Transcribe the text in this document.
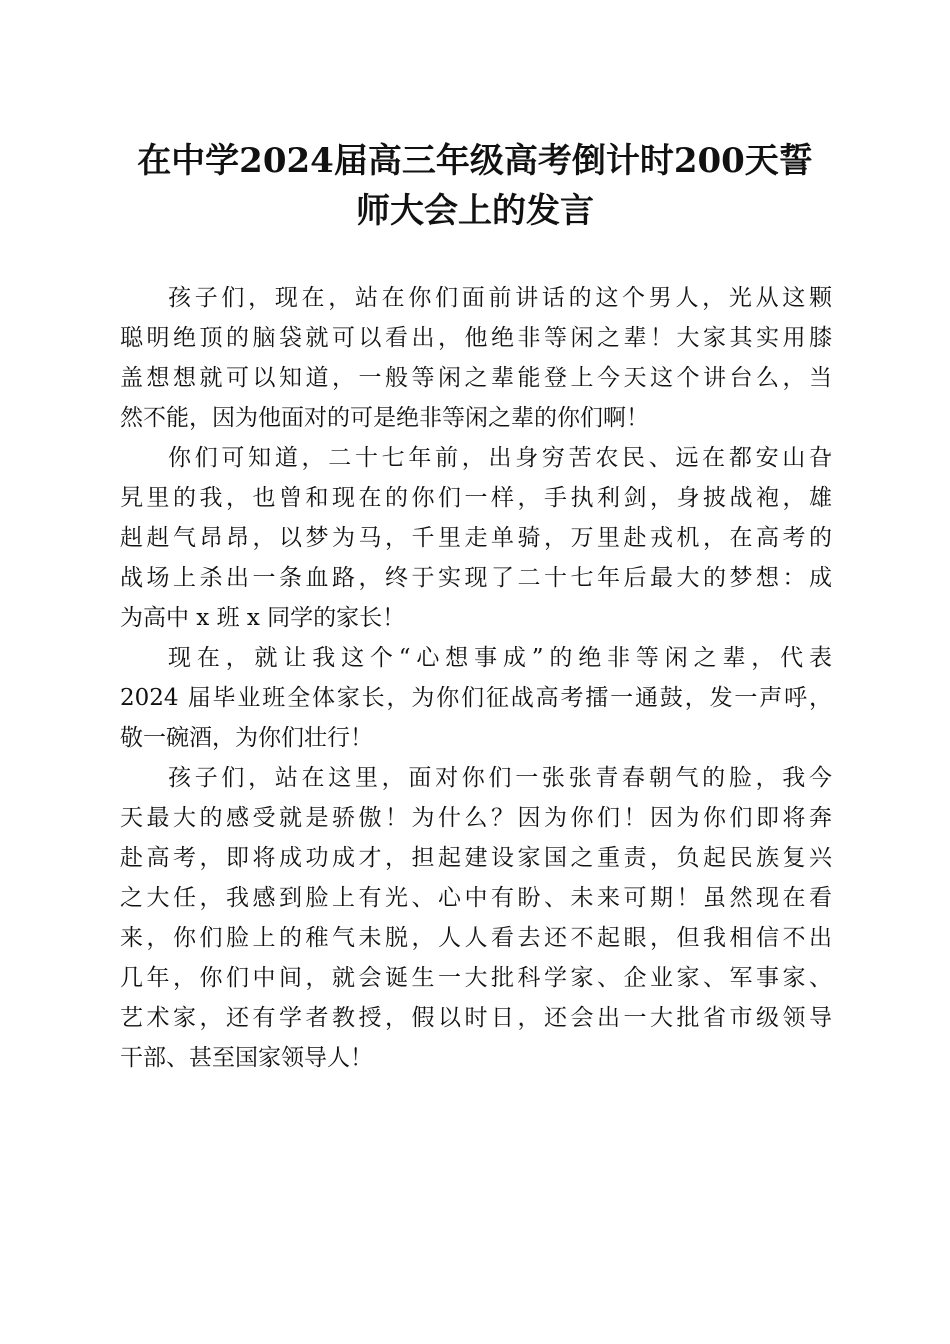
在中学2024届高三年级高考倒计时200天誓
师大会上的发言
孩子们，现在，站在你们面前讲话的这个男人，光从这颗
聪明绝顶的脑袋就可以看出，他绝非等闲之辈！大家其实用膝
盖想想就可以知道，一般等闲之辈能登上今天这个讲台么，当
然不能，因为他面对的可是绝非等闲之辈的你们啊！
你们可知道，二十七年前，出身穷苦农民、远在都安山旮
旯里的我，也曾和现在的你们一样，手执利剑，身披战袍，雄
赳赳气昂昂，以梦为马，千里走单骑，万里赴戎机，在高考的
战场上杀出一条血路，终于实现了二十七年后最大的梦想：成
为高中 x 班 x 同学的家长！
现在，就让我这个“心想事成”的绝非等闲之辈，代表
2024 届毕业班全体家长，为你们征战高考擂一通鼓，发一声呼，
敬一碗酒，为你们壮行！
孩子们，站在这里，面对你们一张张青春朝气的脸，我今
天最大的感受就是骄傲！为什么？因为你们！因为你们即将奔
赴高考，即将成功成才，担起建设家国之重责，负起民族复兴
之大任，我感到脸上有光、心中有盼、未来可期！虽然现在看
来，你们脸上的稚气未脱，人人看去还不起眼，但我相信不出
几年，你们中间，就会诞生一大批科学家、企业家、军事家、
艺术家，还有学者教授，假以时日，还会出一大批省市级领导
干部、甚至国家领导人！
